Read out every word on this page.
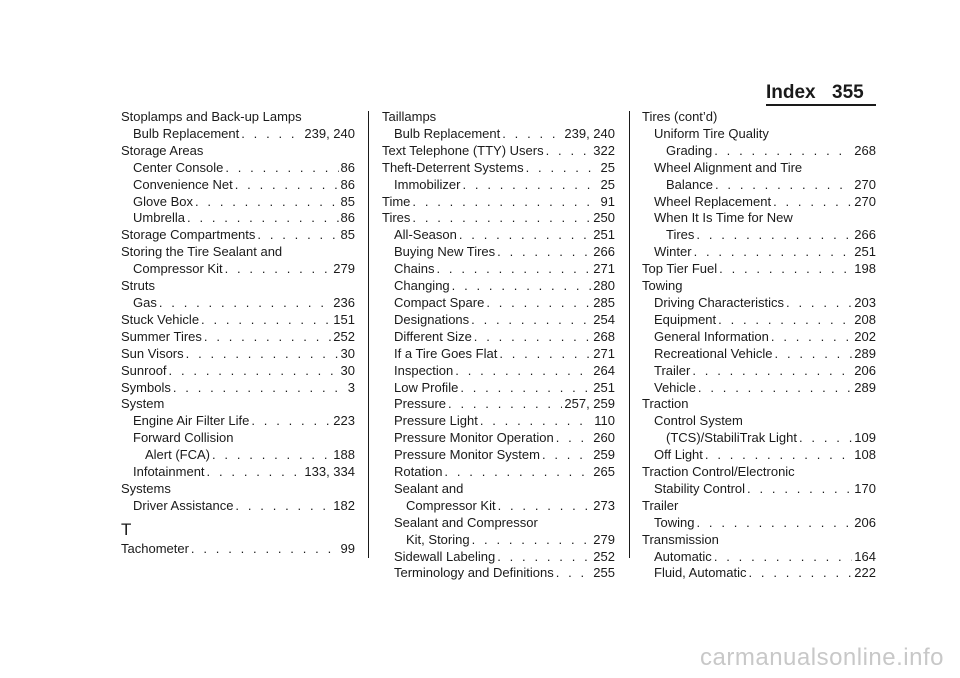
Index 355
Stoplamps and Back-up Lamps
Bulb Replacement . . .	239, 240
Storage Areas
Center Console . . .	86
Convenience Net . . .	86
Glove Box . . .	85
Umbrella . . .	86
Storage Compartments . . .	85
Storing the Tire Sealant and
Compressor Kit . . .	279
Struts
Gas . . .	236
Stuck Vehicle . . .	151
Summer Tires . . .	252
Sun Visors . . .	30
Sunroof . . .	30
Symbols . . .	3
System
Engine Air Filter Life . . .	223
Forward Collision
Alert (FCA) . . .	188
Infotainment . . .	133, 334
Systems
Driver Assistance . . .	182
T
Tachometer . . .	99
Taillamps
Bulb Replacement . . .	239, 240
Text Telephone (TTY) Users . . .	322
Theft-Deterrent Systems . . .	25
Immobilizer . . .	25
Time . . .	91
Tires . . .	250
All-Season . . .	251
Buying New Tires . . .	266
Chains . . .	271
Changing . . .	280
Compact Spare . . .	285
Designations . . .	254
Different Size . . .	268
If a Tire Goes Flat . . .	271
Inspection . . .	264
Low Profile . . .	251
Pressure . . .	257, 259
Pressure Light . . .	110
Pressure Monitor Operation . . .	260
Pressure Monitor System . . .	259
Rotation . . .	265
Sealant and
Compressor Kit . . .	273
Sealant and Compressor
Kit, Storing . . .	279
Sidewall Labeling . . .	252
Terminology and Definitions . . .	255
Tires (cont’d)
Uniform Tire Quality
Grading . . .	268
Wheel Alignment and Tire
Balance . . .	270
Wheel Replacement . . .	270
When It Is Time for New
Tires . . .	266
Winter . . .	251
Top Tier Fuel . . .	198
Towing
Driving Characteristics . . .	203
Equipment . . .	208
General Information . . .	202
Recreational Vehicle . . .	289
Trailer . . .	206
Vehicle . . .	289
Traction
Control System
(TCS)/StabiliTrak Light . . .	109
Off Light . . .	108
Traction Control/Electronic
Stability Control . . .	170
Trailer
Towing . . .	206
Transmission
Automatic . . .	164
Fluid, Automatic . . .	222
carmanualsonline.info
